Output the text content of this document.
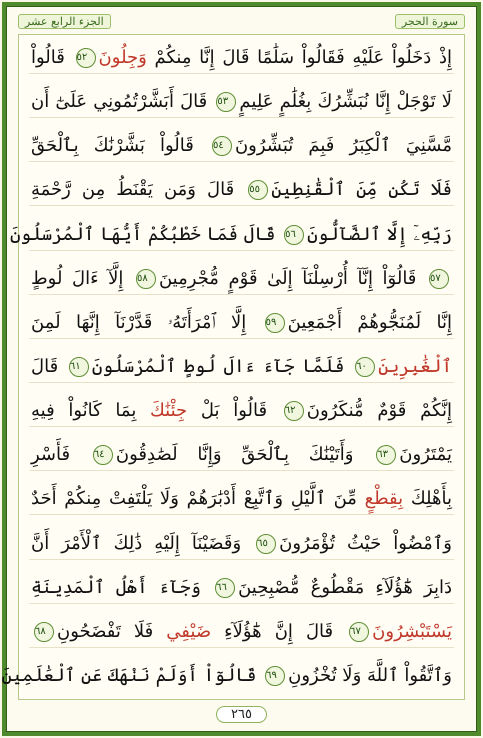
الجزء الرابع عشر	سورة الحجر
إِذْ دَخَلُواْ عَلَيْهِ فَقَالُواْ سَلَٰمًا قَالَ إِنَّا مِنكُمْ وَجِلُونَ٥٢ قَالُواْ
لَا تَوْجَلْ إِنَّا نُبَشِّرُكَ بِغُلَٰمٍ عَلِيمٍ٥٣ قَالَ أَبَشَّرْتُمُونِي عَلَىٰٓ أَن
مَّسَّنِيَ ٱلْكِبَرُ فَبِمَ تُبَشِّرُونَ٥٤ قَالُواْ بَشَّرْنَٰكَ بِٱلْحَقِّ
فَلَا تَكُن مِّنَ ٱلْقَٰنِطِينَ٥٥ قَالَ وَمَن يَقْنَطُ مِن رَّحْمَةِ
رَبِّهِۦٓ إِلَّا ٱلضَّآلُّونَ٥٦ قَالَ فَمَا خَطْبُكُمْ أَيُّهَا ٱلْمُرْسَلُونَ
٥٧ قَالُوٓاْ إِنَّآ أُرْسِلْنَآ إِلَىٰ قَوْمٍ مُّجْرِمِينَ٥٨ إِلَّآ ءَالَ لُوطٍ
إِنَّا لَمُنَجُّوهُمْ أَجْمَعِينَ٥٩ إِلَّا ٱمْرَأَتَهُۥ قَدَّرْنَآ إِنَّهَا لَمِنَ
ٱلْغَٰبِرِينَ٦٠ فَلَمَّا جَآءَ ءَالَ لُوطٍ ٱلْمُرْسَلُونَ٦١ قَالَ
إِنَّكُمْ قَوْمٌ مُّنكَرُونَ٦٢ قَالُواْ بَلْ جِئْنَٰكَ بِمَا كَانُواْ فِيهِ
يَمْتَرُونَ٦٣ وَأَتَيْنَٰكَ بِٱلْحَقِّ وَإِنَّا لَصَٰدِقُونَ٦٤ فَأَسْرِ
بِأَهْلِكَ بِقِطْعٍ مِّنَ ٱلَّيْلِ وَٱتَّبِعْ أَدْبَٰرَهُمْ وَلَا يَلْتَفِتْ مِنكُمْ أَحَدٌ
وَٱمْضُواْ حَيْثُ تُؤْمَرُونَ٦٥ وَقَضَيْنَآ إِلَيْهِ ذَٰلِكَ ٱلْأَمْرَ أَنَّ
دَابِرَ هَٰٓؤُلَآءِ مَقْطُوعٌ مُّصْبِحِينَ٦٦ وَجَآءَ أَهْلُ ٱلْمَدِينَةِ
يَسْتَبْشِرُونَ٦٧ قَالَ إِنَّ هَٰٓؤُلَآءِ ضَيْفِي فَلَا تَفْضَحُونِ٦٨
وَٱتَّقُواْ ٱللَّهَ وَلَا تُخْزُونِ٦٩ قَالُوٓاْ أَوَلَمْ نَنْهَكَ عَنِ ٱلْعَٰلَمِينَ
٢٦٥
